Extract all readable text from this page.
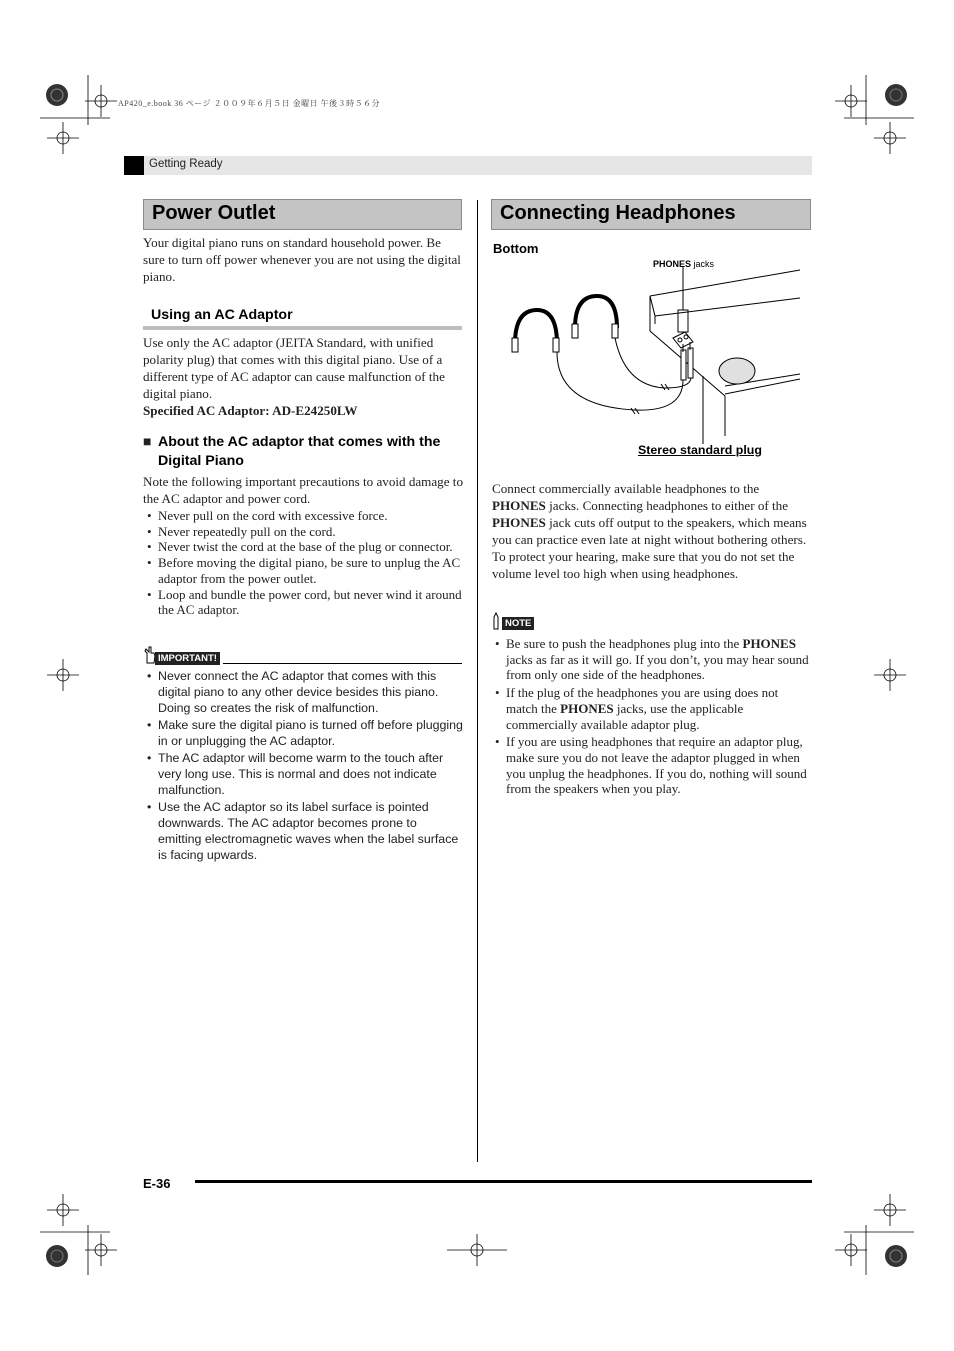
AP420_e.book 36 ページ ２００９年６月５日 金曜日 午後３時５６分
Getting Ready
Power Outlet

Your digital piano runs on standard household power. Be sure to turn off power whenever you are not using the digital piano.

Using an AC Adaptor

Use only the AC adaptor (JEITA Standard, with unified polarity plug) that comes with this digital piano. Use of a different type of AC adaptor can cause malfunction of the digital piano.

Specified AC Adaptor: AD-E24250LW

■ About the AC adaptor that comes with the Digital Piano

Note the following important precautions to avoid damage to the AC adaptor and power cord.

• Never pull on the cord with excessive force.
• Never repeatedly pull on the cord.
• Never twist the cord at the base of the plug or connector.
• Before moving the digital piano, be sure to unplug the AC adaptor from the power outlet.
• Loop and bundle the power cord, but never wind it around the AC adaptor.
IMPORTANT!
• Never connect the AC adaptor that comes with this digital piano to any other device besides this piano. Doing so creates the risk of malfunction.
• Make sure the digital piano is turned off before plugging in or unplugging the AC adaptor.
• The AC adaptor will become warm to the touch after very long use. This is normal and does not indicate malfunction.
• Use the AC adaptor so its label surface is pointed downwards. The AC adaptor becomes prone to emitting electromagnetic waves when the label surface is facing upwards.
Connecting Headphones
Bottom
PHONES jacks
Stereo standard plug

Connect commercially available headphones to the PHONES jacks. Connecting headphones to either of the PHONES jack cuts off output to the speakers, which means you can practice even late at night without bothering others. To protect your hearing, make sure that you do not set the volume level too high when using headphones.

NOTE
• Be sure to push the headphones plug into the PHONES jacks as far as it will go. If you don’t, you may hear sound from only one side of the headphones.
• If the plug of the headphones you are using does not match the PHONES jacks, use the applicable commercially available adaptor plug.
• If you are using headphones that require an adaptor plug, make sure you do not leave the adaptor plugged in when you unplug the headphones. If you do, nothing will sound from the speakers when you play.
E-36
